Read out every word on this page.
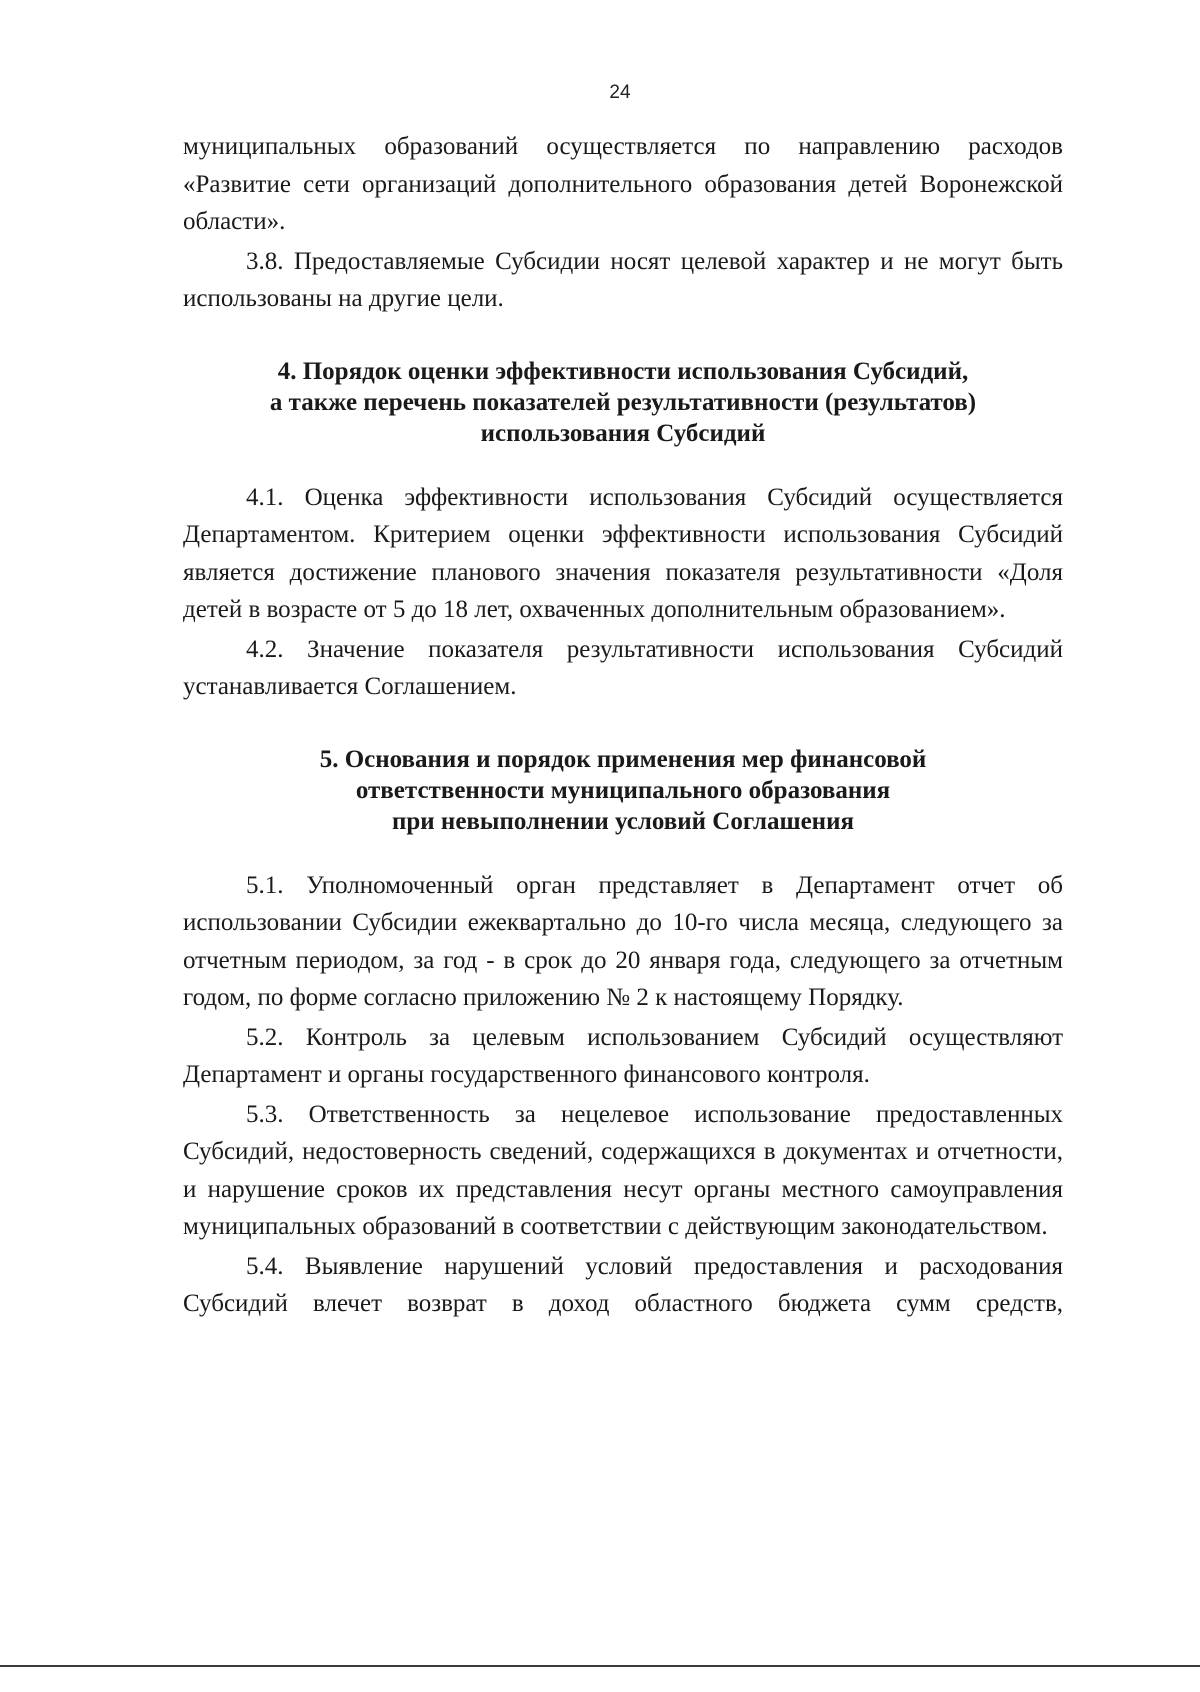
24

муниципальных образований осуществляется по направлению расходов «Развитие сети организаций дополнительного образования детей Воронежской области».

3.8. Предоставляемые Субсидии носят целевой характер и не могут быть использованы на другие цели.

4. Порядок оценки эффективности использования Субсидий,

а также перечень показателей результативности (результатов)

использования Субсидий

4.1. Оценка эффективности использования Субсидий осуществляется Департаментом. Критерием оценки эффективности использования Субсидий является достижение планового значения показателя результативности «Доля детей в возрасте от 5 до 18 лет, охваченных дополнительным образованием».

4.2. Значение показателя результативности использования Субсидий устанавливается Соглашением.

5. Основания и порядок применения мер финансовой

ответственности муниципального образования

при невыполнении условий Соглашения

5.1. Уполномоченный орган представляет в Департамент отчет об использовании Субсидии ежеквартально до 10-го числа месяца, следующего за отчетным периодом, за год - в срок до 20 января года, следующего за отчетным годом, по форме согласно приложению № 2 к настоящему Порядку.

5.2. Контроль за целевым использованием Субсидий осуществляют Департамент и органы государственного финансового контроля.

5.3. Ответственность за нецелевое использование предоставленных Субсидий, недостоверность сведений, содержащихся в документах и отчетности, и нарушение сроков их представления несут органы местного самоуправления муниципальных образований в соответствии с действующим законодательством.

5.4. Выявление нарушений условий предоставления и расходования Субсидий влечет возврат в доход областного бюджета сумм средств,
